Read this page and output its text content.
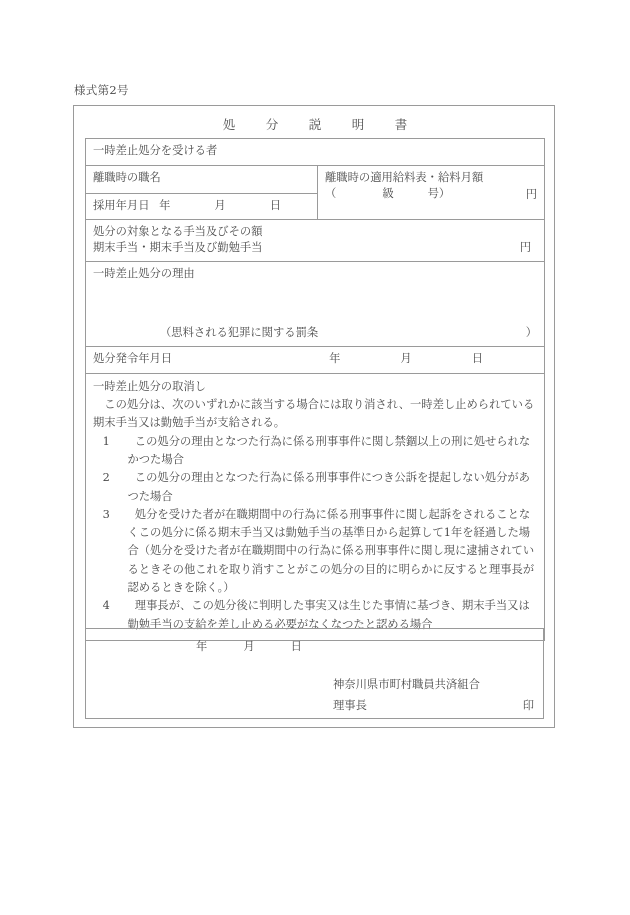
様式第2号
処　分　説　明　書
一時差止処分を受ける者

離職時の職名	離職時の適用給料表・給料月額
（	級	号）	円

採用年月日 年	月	日

処分の対象となる手当及びその額
期末手当・期末手当及び勤勉手当	円

一時差止処分の理由
（思料される犯罪に関する罰条	）

処分発令年月日	年	月	日

一時差止処分の取消し
この処分は、次のいずれかに該当する場合には取り消され、一時差し止められている期末手当又は勤勉手当が支給される。
1 この処分の理由となつた行為に係る刑事事件に関し禁錮以上の刑に処せられなかつた場合
2 この処分の理由となつた行為に係る刑事事件につき公訴を提起しない処分があつた場合
3 処分を受けた者が在職期間中の行為に係る刑事事件に関し起訴をされることなくこの処分に係る期末手当又は勤勉手当の基準日から起算して1年を経過した場合（処分を受けた者が在職期間中の行為に係る刑事事件に関し現に逮捕されているときその他これを取り消すことがこの処分の目的に明らかに反すると理事長が認めるときを除く。）
4 理事長が、この処分後に判明した事実又は生じた事情に基づき、期末手当又は勤勉手当の支給を差し止める必要がなくなつたと認める場合
年	月	日
神奈川県市町村職員共済組合
理事長	印
